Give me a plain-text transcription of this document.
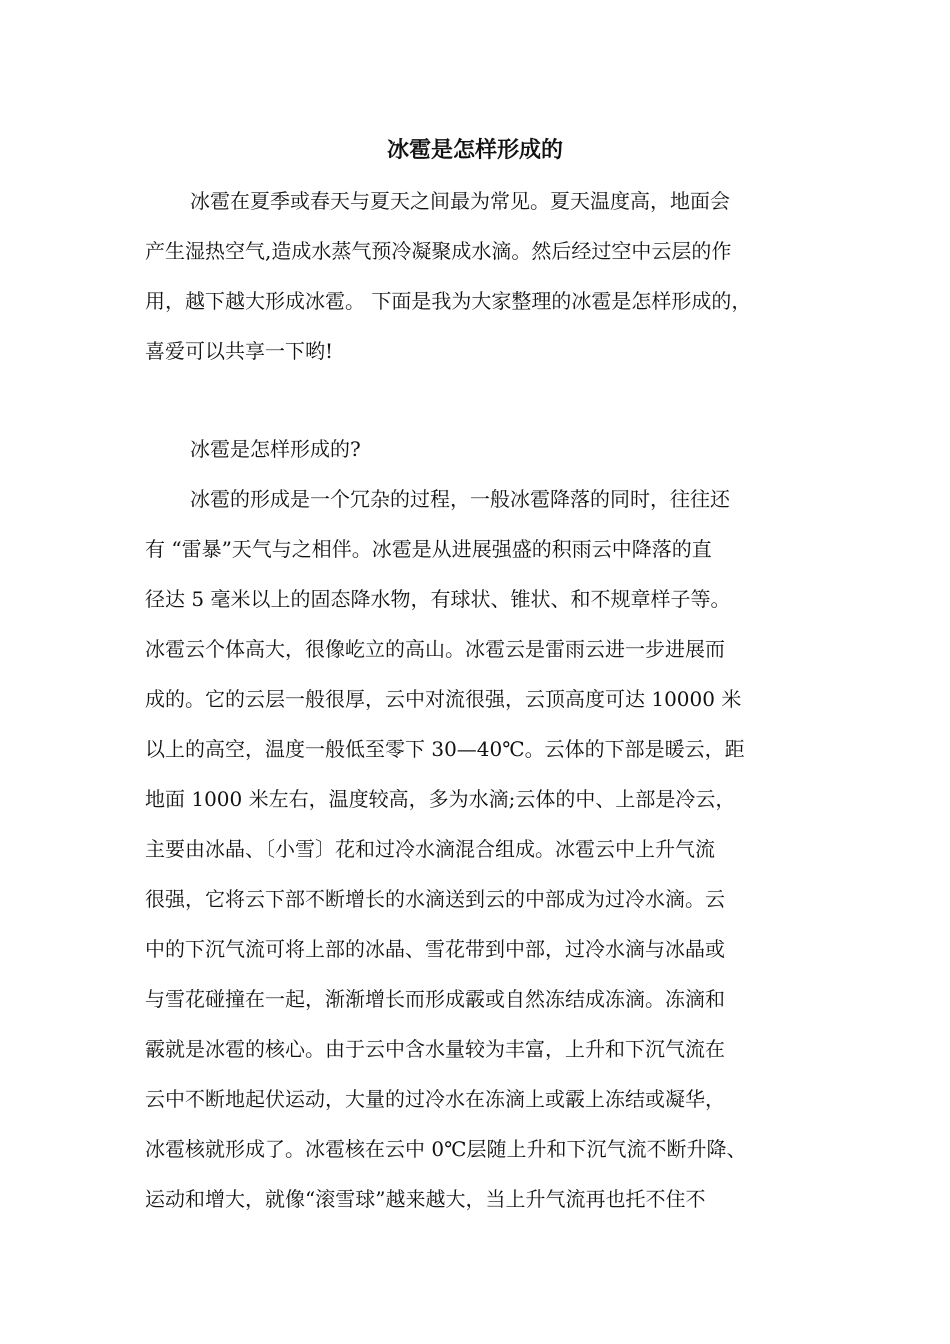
冰雹是怎样形成的

冰雹在夏季或春天与夏天之间最为常见。夏天温度高，地面会

产生湿热空气,造成水蒸气预冷凝聚成水滴。然后经过空中云层的作

用，越下越大形成冰雹。 下面是我为大家整理的冰雹是怎样形成的，

喜爱可以共享一下哟!

冰雹是怎样形成的?

冰雹的形成是一个冗杂的过程，一般冰雹降落的同时，往往还

有 “雷暴”天气与之相伴。冰雹是从进展强盛的积雨云中降落的直

径达 5 毫米以上的固态降水物，有球状、锥状、和不规章样子等。

冰雹云个体高大，很像屹立的高山。冰雹云是雷雨云进一步进展而

成的。它的云层一般很厚，云中对流很强，云顶高度可达 10000 米

以上的高空，温度一般低至零下 30—40℃。云体的下部是暖云，距

地面 1000 米左右，温度较高，多为水滴;云体的中、上部是冷云，

主要由冰晶、〔小雪〕花和过冷水滴混合组成。冰雹云中上升气流

很强，它将云下部不断增长的水滴送到云的中部成为过冷水滴。云

中的下沉气流可将上部的冰晶、雪花带到中部，过冷水滴与冰晶或

与雪花碰撞在一起，渐渐增长而形成霰或自然冻结成冻滴。冻滴和

霰就是冰雹的核心。由于云中含水量较为丰富，上升和下沉气流在

云中不断地起伏运动，大量的过冷水在冻滴上或霰上冻结或凝华，

冰雹核就形成了。冰雹核在云中 0℃层随上升和下沉气流不断升降、

运动和增大，就像“滚雪球”越来越大，当上升气流再也托不住不
